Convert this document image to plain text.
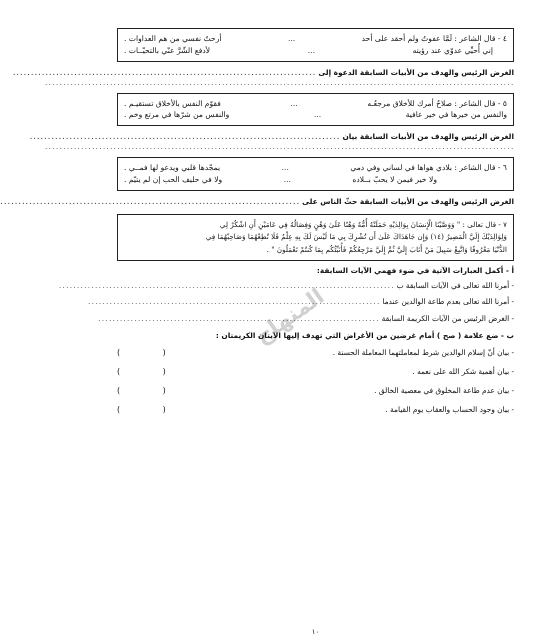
٤ - قال الشاعر : لَمَّا عفوتُ ولم أحقد على أحد
...
أرحتُ نفسي من هم العداوات .
إني أُحيِّي عدوّي عند رؤيته
...
لأدفع الشّرَّ عنّي بالتحيّــات .
الغرض الرئيس والهدف من الأبيات السابقة الدعوة إلى ....................................................................................
..................................................................................................................................
٥ - قال الشاعر : صلاحُ أمرك للأخلاق مرجعُـه
...
فقوّم النفس بالأخلاق تستقيـم .
والنفس من خيرها في خير عافية
...
والنفس من شرّها في مرتع وخم .
الغرض الرئيس والهدف من الأبيات السابقة بيان ......................................................................................
..................................................................................................................................
٦ - قال الشاعر : بلادي هواها في لساني وفي دمي
...
يمجّدها قلبي ويدعو لها فمــي .
ولا خير فيمن لا يحبّ بــلاده
...
ولا في حليف الحب إن لم يتيّم .
الغرض الرئيس والهدف من الأبيات السابقة حثّ الناس على ...................................................................................
٧ - قال تعالى : " وَوَصَّيْنَا الْإِنسَانَ بِوَالِدَيْهِ حَمَلَتْهُ أُمُّهُ وَهْنًا عَلَىٰ وَهْنٍ وَفِصَالُهُ فِي عَامَيْنِ أَنِ اشْكُرْ لِي
وَلِوَالِدَيْكَ إِلَيَّ الْمَصِيرُ (١٤) وَإِن جَاهَدَاكَ عَلَىٰ أَن تُشْرِكَ بِي مَا لَيْسَ لَكَ بِهِ عِلْمٌ فَلَا تُطِعْهُمَا وَصَاحِبْهُمَا فِي
الدُّنْيَا مَعْرُوفًا وَاتَّبِعْ سَبِيلَ مَنْ أَنَابَ إِلَيَّ ثُمَّ إِلَيَّ مَرْجِعُكُمْ فَأُنَبِّئُكُم بِمَا كُنتُمْ تَعْمَلُونَ " .
أ - أكمل العبارات الآتية في ضوء فهمي الآيات السابقة:
- أمرنا الله تعالى في الآيات السابقة ب .............................................................................................
- أمرنا الله تعالى بعدم طاعة الوالدين عندما .................................................................................
- الغرض الرئيس من الآيات الكريمة السابقة ..............................................................................
ب - ضع علامة ( صح ) أمام غرضين من الأغراض التي تهدف إليها الآيتان الكريمتان :
- بيان أنّ إسلام الوالدين شرط لمعاملتهما المعاملة الحسنة .
( )
- بيان أهمية شكر الله على نعمه .
( )
- بيان عدم طاعة المخلوق في معصية الخالق .
( )
- بيان وجود الحساب والعقاب يوم القيامة .
( )
المنهاج
١٠
